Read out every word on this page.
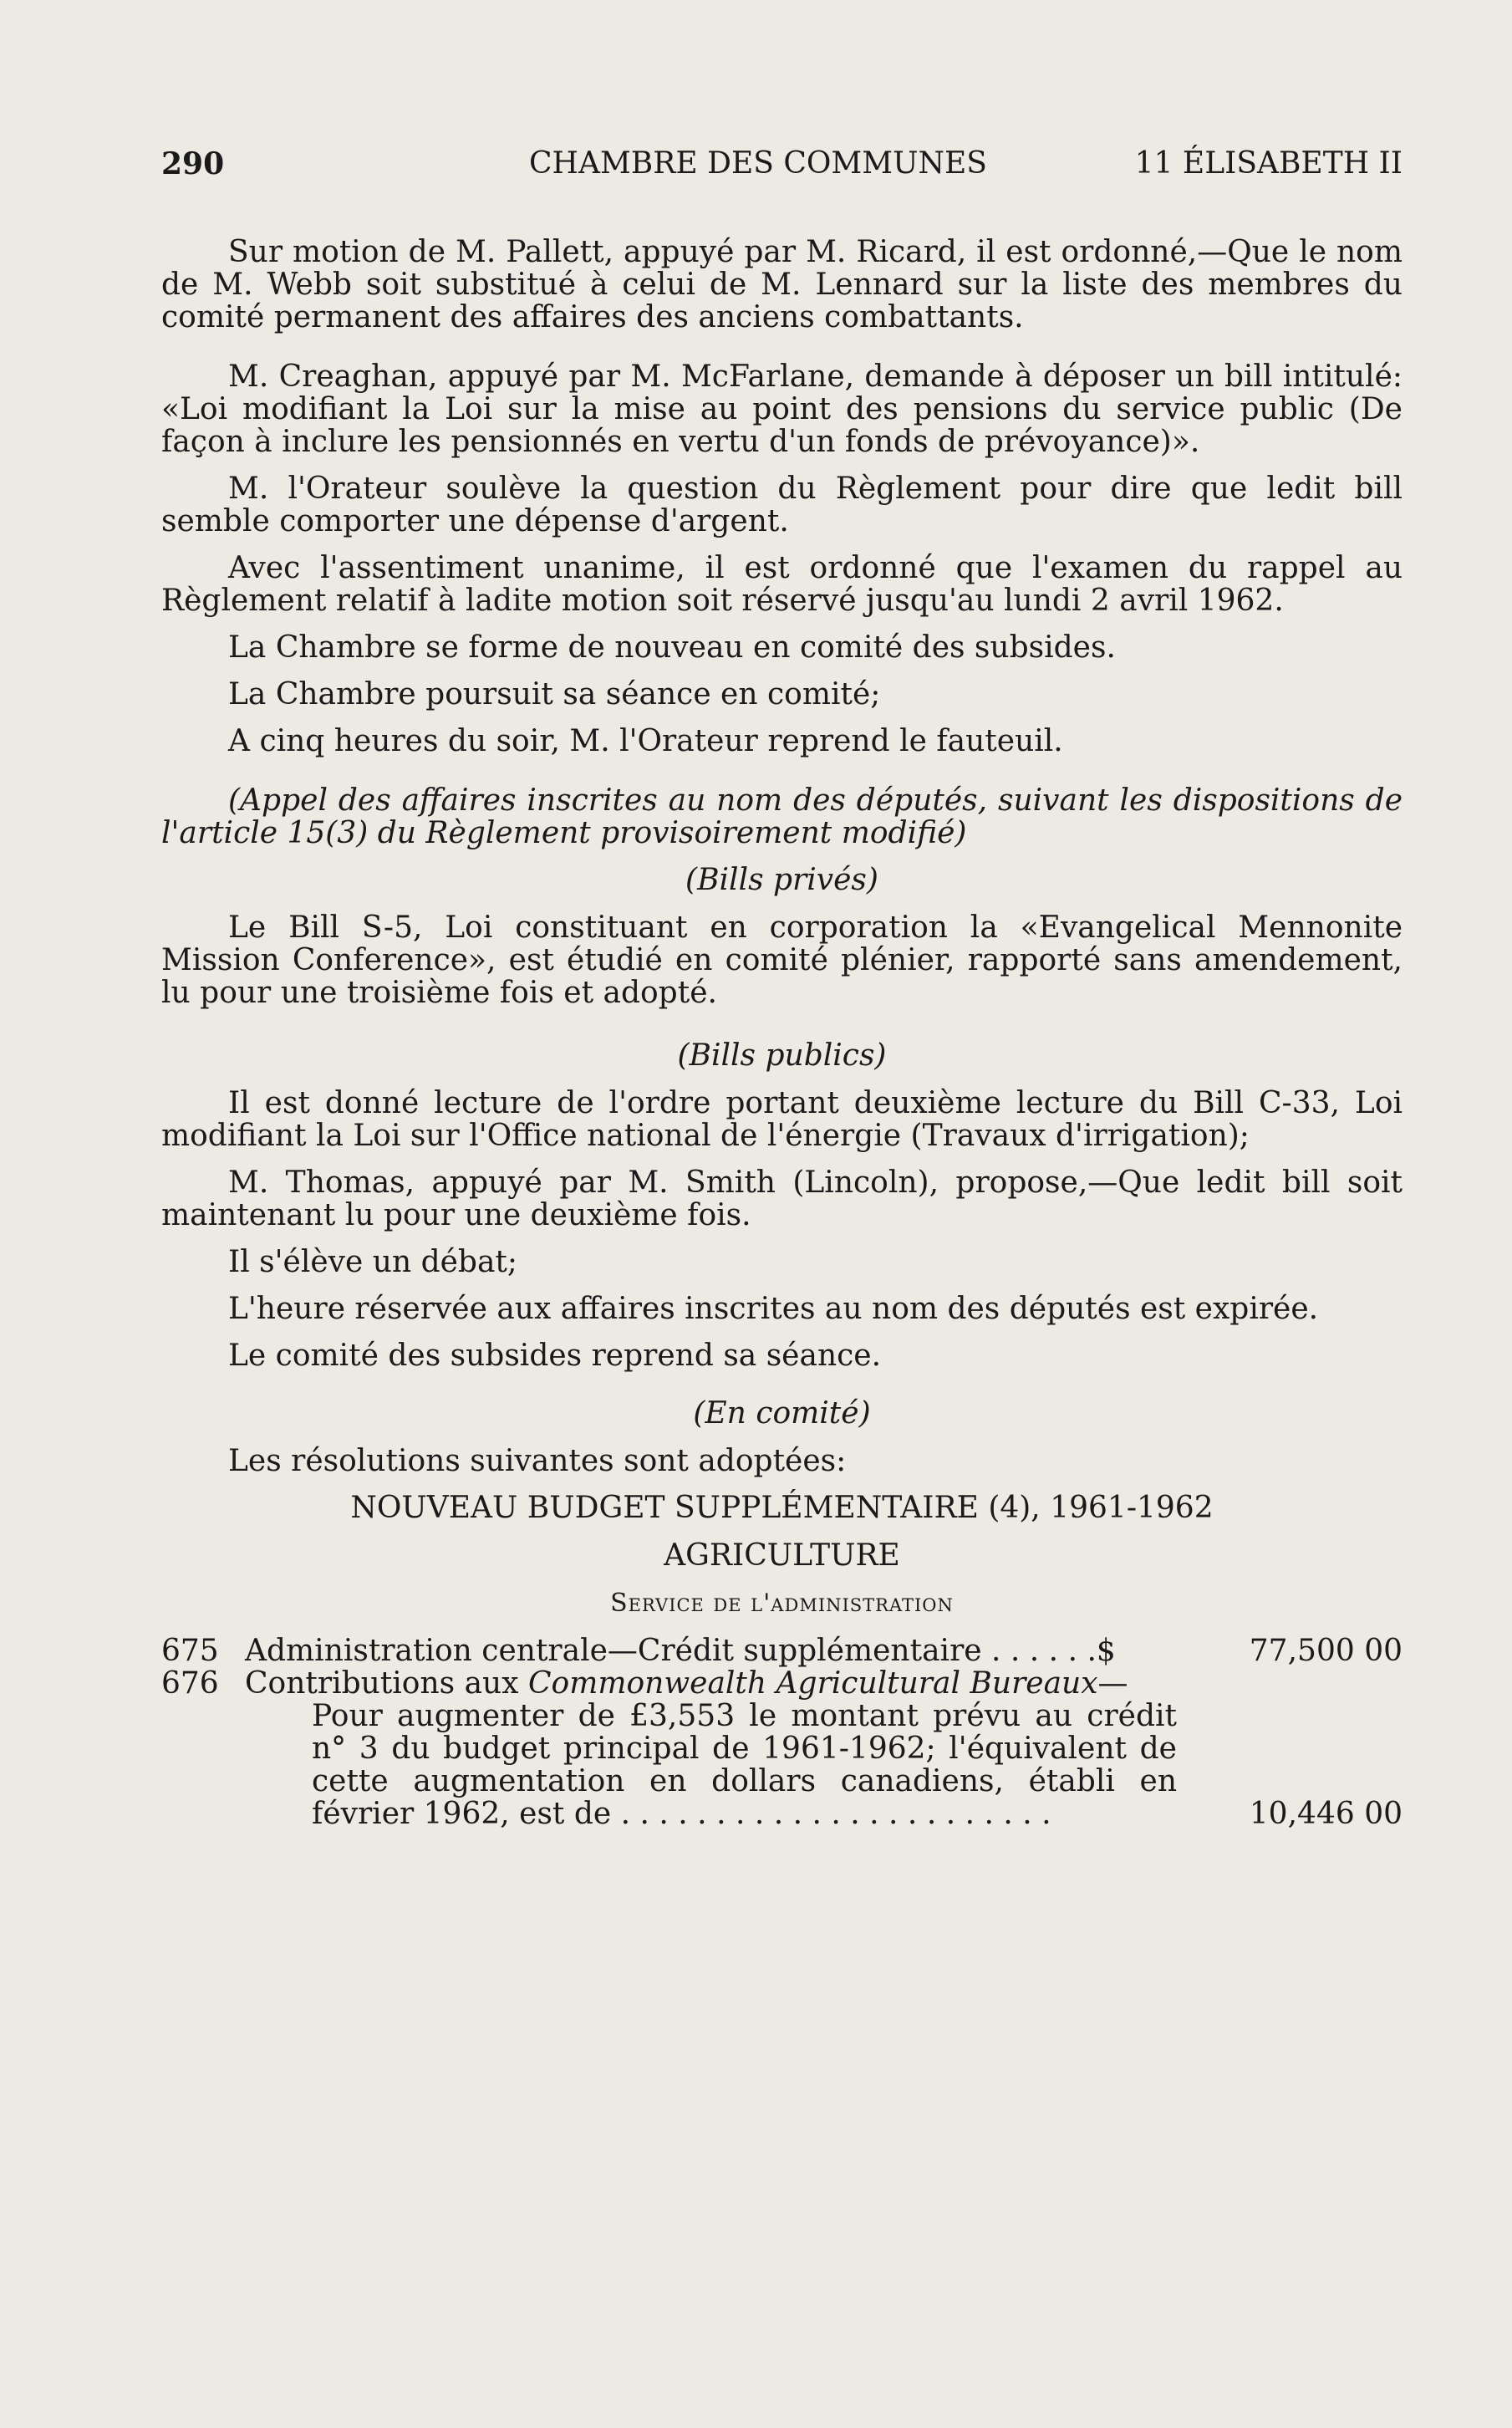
290	CHAMBRE DES COMMUNES	11 ÉLISABETH II

Sur motion de M. Pallett, appuyé par M. Ricard, il est ordonné,—Que le nom de M. Webb soit substitué à celui de M. Lennard sur la liste des membres du comité permanent des affaires des anciens combattants.

M. Creaghan, appuyé par M. McFarlane, demande à déposer un bill intitulé: «Loi modifiant la Loi sur la mise au point des pensions du service public (De façon à inclure les pensionnés en vertu d'un fonds de prévoyance)».

M. l'Orateur soulève la question du Règlement pour dire que ledit bill semble comporter une dépense d'argent.

Avec l'assentiment unanime, il est ordonné que l'examen du rappel au Règlement relatif à ladite motion soit réservé jusqu'au lundi 2 avril 1962.

La Chambre se forme de nouveau en comité des subsides.

La Chambre poursuit sa séance en comité;

A cinq heures du soir, M. l'Orateur reprend le fauteuil.

(Appel des affaires inscrites au nom des députés, suivant les dispositions de l'article 15(3) du Règlement provisoirement modifié)

(Bills privés)

Le Bill S-5, Loi constituant en corporation la «Evangelical Mennonite Mission Conference», est étudié en comité plénier, rapporté sans amendement, lu pour une troisième fois et adopté.

(Bills publics)

Il est donné lecture de l'ordre portant deuxième lecture du Bill C-33, Loi modifiant la Loi sur l'Office national de l'énergie (Travaux d'irrigation);

M. Thomas, appuyé par M. Smith (Lincoln), propose,—Que ledit bill soit maintenant lu pour une deuxième fois.

Il s'élève un débat;

L'heure réservée aux affaires inscrites au nom des députés est expirée.

Le comité des subsides reprend sa séance.

(En comité)

Les résolutions suivantes sont adoptées:

NOUVEAU BUDGET SUPPLÉMENTAIRE (4), 1961-1962

AGRICULTURE

Service de l'administration

675 Administration centrale—Crédit supplémentaire . . . . . .$	77,500 00
676 Contributions aux Commonwealth Agricultural Bureaux—
Pour augmenter de £3,553 le montant prévu au crédit n° 3 du budget principal de 1961-1962; l'équivalent de cette augmentation en dollars canadiens, établi en février 1962, est de . . . . . . . . . . . . . . . . . . . . . . .	10,446 00
